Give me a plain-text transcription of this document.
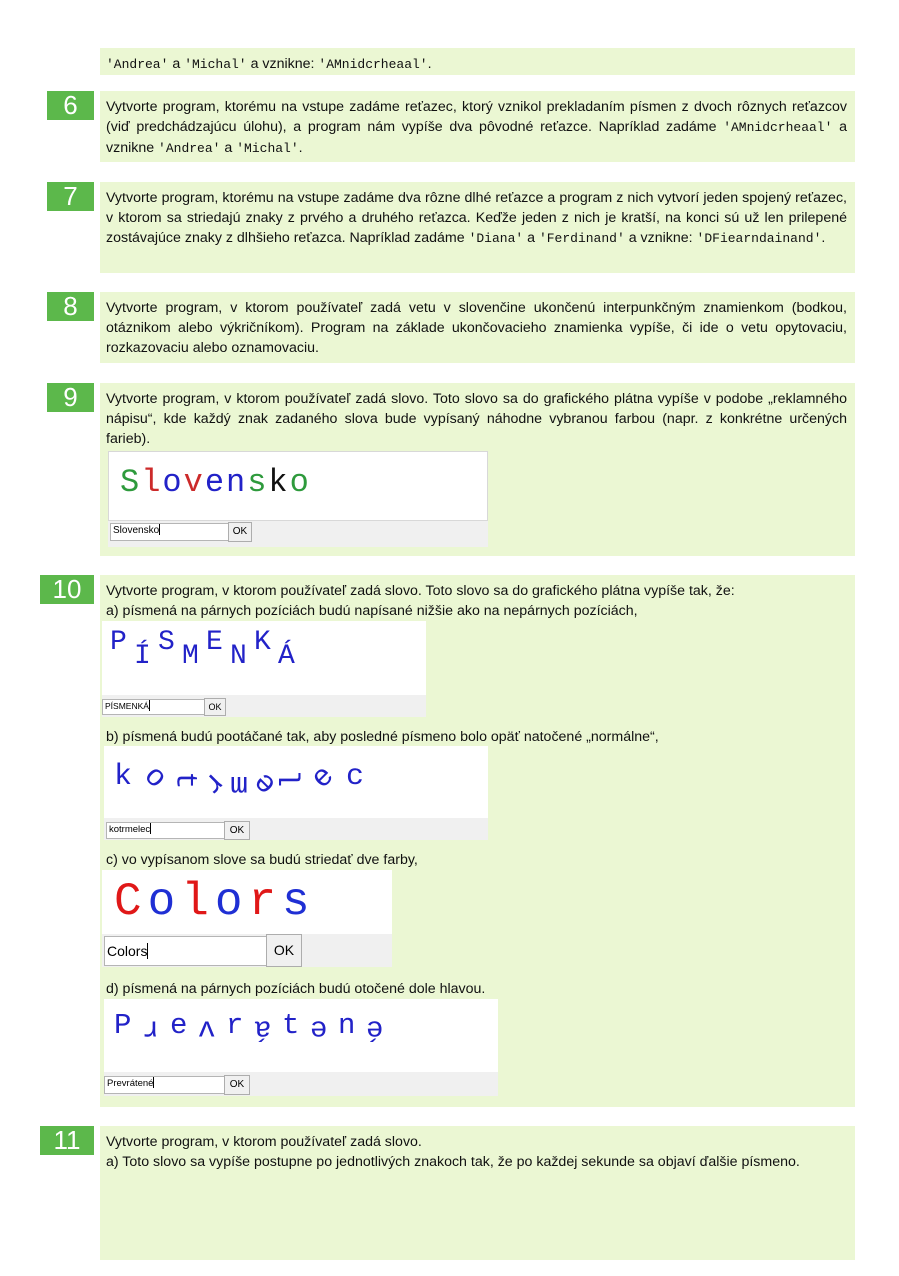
'Andrea' a 'Michal' a vznikne: 'AMnidcrheaal'.

6	Vytvorte program, ktorému na vstupe zadáme reťazec, ktorý vznikol prekladaním písmen z dvoch rôznych reťazcov (viď predchádzajúcu úlohu), a program nám vypíše dva pôvodné reťazce. Napríklad zadáme 'AMnidcrheaal' a vznikne 'Andrea' a 'Michal'.

7	Vytvorte program, ktorému na vstupe zadáme dva rôzne dlhé reťazce a program z nich vytvorí jeden spojený reťazec, v ktorom sa striedajú znaky z prvého a druhého reťazca. Keďže jeden z nich je kratší, na konci sú už len prilepené zostávajúce znaky z dlhšieho reťazca. Napríklad zadáme 'Diana' a 'Ferdinand' a vznikne: 'DFiearndainand'.

8	Vytvorte program, v ktorom používateľ zadá vetu v slovenčine ukončenú interpunkčným znamienkom (bodkou, otáznikom alebo výkričníkom). Program na základe ukončovacieho znamienka vypíše, či ide o vetu opytovaciu, rozkazovaciu alebo oznamovaciu.

9	Vytvorte program, v ktorom používateľ zadá slovo. Toto slovo sa do grafického plátna vypíše v podobe „reklamného nápisu“, kde každý znak zadaného slova bude vypísaný náhodne vybranou farbou (napr. z konkrétne určených farieb).

Slovensko
Slovensko	OK
10	Vytvorte program, v ktorom používateľ zadá slovo. Toto slovo sa do grafického plátna vypíše tak, že:

a) písmená na párnych pozíciách budú napísané nižšie ako na nepárnych pozíciách,

P Í S M E N K Á
PÍSMENKÁ	OK

b) písmená budú pootáčané tak, aby posledné písmeno bolo opäť natočené „normálne“,

k o
t
r m e
l
e c
kotrmelec	OK

c) vo vypísanom slove sa budú striedať dve farby,

Colors
Colors	OK

d) písmená na párnych pozíciách budú otočené dole hlavou.

P r e v r á t e n é
Prevrátené	OK
11	Vytvorte program, v ktorom používateľ zadá slovo.

a) Toto slovo sa vypíše postupne po jednotlivých znakoch tak, že po každej sekunde sa objaví ďalšie písmeno.
